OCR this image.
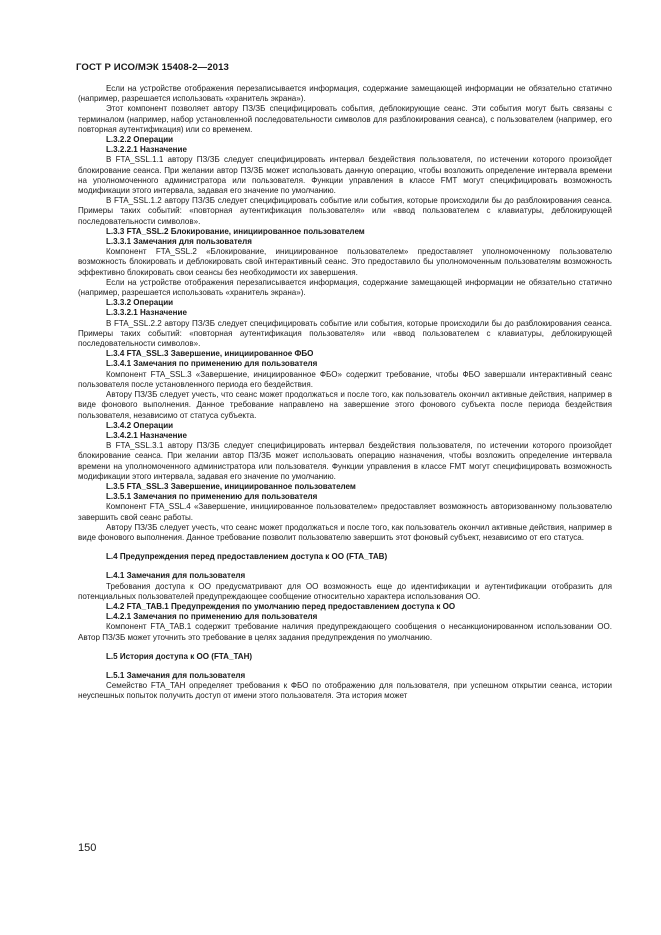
ГОСТ Р ИСО/МЭК 15408-2—2013

Если на устройстве отображения перезаписывается информация, содержание замещающей информации не обязательно статично (например, разрешается использовать «хранитель экрана»).

Этот компонент позволяет автору ПЗ/ЗБ специфицировать события, деблокирующие сеанс. Эти события могут быть связаны с терминалом (например, набор установленной последовательности символов для разблокирования сеанса), с пользователем (например, его повторная аутентификация) или со временем.

L.3.2.2 Операции

L.3.2.2.1 Назначение

В FTA_SSL.1.1 автору ПЗ/ЗБ следует специфицировать интервал бездействия пользователя, по истечении которого произойдет блокирование сеанса. При желании автор ПЗ/ЗБ может использовать данную операцию, чтобы возложить определение интервала времени на уполномоченного администратора или пользователя. Функции управления в классе FMT могут специфицировать возможность модификации этого интервала, задавая его значение по умолчанию.

В FTA_SSL.1.2 автору ПЗ/ЗБ следует специфицировать событие или события, которые происходили бы до разблокирования сеанса. Примеры таких событий: «повторная аутентификация пользователя» или «ввод пользователем с клавиатуры, деблокирующей последовательности символов».

L.3.3 FTA_SSL.2 Блокирование, инициированное пользователем

L.3.3.1 Замечания для пользователя

Компонент FTA_SSL.2 «Блокирование, инициированное пользователем» предоставляет уполномоченному пользователю возможность блокировать и деблокировать свой интерактивный сеанс. Это предоставило бы уполномоченным пользователям возможность эффективно блокировать свои сеансы без необходимости их завершения.

Если на устройстве отображения перезаписывается информация, содержание замещающей информации не обязательно статично (например, разрешается использовать «хранитель экрана»).

L.3.3.2 Операции

L.3.3.2.1 Назначение

В FTA_SSL.2.2 автору ПЗ/ЗБ следует специфицировать событие или события, которые происходили бы до разблокирования сеанса. Примеры таких событий: «повторная аутентификация пользователя» или «ввод пользователем с клавиатуры, деблокирующей последовательности символов».

L.3.4 FTA_SSL.3 Завершение, инициированное ФБО

L.3.4.1 Замечания по применению для пользователя

Компонент FTA_SSL.3 «Завершение, инициированное ФБО» содержит требование, чтобы ФБО завершали интерактивный сеанс пользователя после установленного периода его бездействия.

Автору ПЗ/ЗБ следует учесть, что сеанс может продолжаться и после того, как пользователь окончил активные действия, например в виде фонового выполнения. Данное требование направлено на завершение этого фонового субъекта после периода бездействия пользователя, независимо от статуса субъекта.

L.3.4.2 Операции

L.3.4.2.1 Назначение

В FTA_SSL.3.1 автору ПЗ/ЗБ следует специфицировать интервал бездействия пользователя, по истечении которого произойдет блокирование сеанса. При желании автор ПЗ/ЗБ может использовать операцию назначения, чтобы возложить определение интервала времени на уполномоченного администратора или пользователя. Функции управления в классе FMT могут специфицировать возможность модификации этого интервала, задавая его значение по умолчанию.

L.3.5 FTA_SSL.3 Завершение, инициированное пользователем

L.3.5.1 Замечания по применению для пользователя

Компонент FTA_SSL.4 «Завершение, инициированное пользователем» предоставляет возможность авторизованному пользователю завершить свой сеанс работы.

Автору ПЗ/ЗБ следует учесть, что сеанс может продолжаться и после того, как пользователь окончил активные действия, например в виде фонового выполнения. Данное требование позволит пользователю завершить этот фоновый субъект, независимо от его статуса.

L.4 Предупреждения перед предоставлением доступа к ОО (FTA_TAB)

L.4.1 Замечания для пользователя

Требования доступа к ОО предусматривают для ОО возможность еще до идентификации и аутентификации отобразить для потенциальных пользователей предупреждающее сообщение относительно характера использования ОО.

L.4.2 FTA_TAB.1 Предупреждения по умолчанию перед предоставлением доступа к ОО

L.4.2.1 Замечания по применению для пользователя

Компонент FTA_TAB.1 содержит требование наличия предупреждающего сообщения о несанкционированном использовании ОО. Автор ПЗ/ЗБ может уточнить это требование в целях задания предупреждения по умолчанию.

L.5 История доступа к ОО (FTA_TAH)

L.5.1 Замечания для пользователя

Семейство FTA_TAH определяет требования к ФБО по отображению для пользователя, при успешном открытии сеанса, истории неуспешных попыток получить доступ от имени этого пользователя. Эта история может

150
